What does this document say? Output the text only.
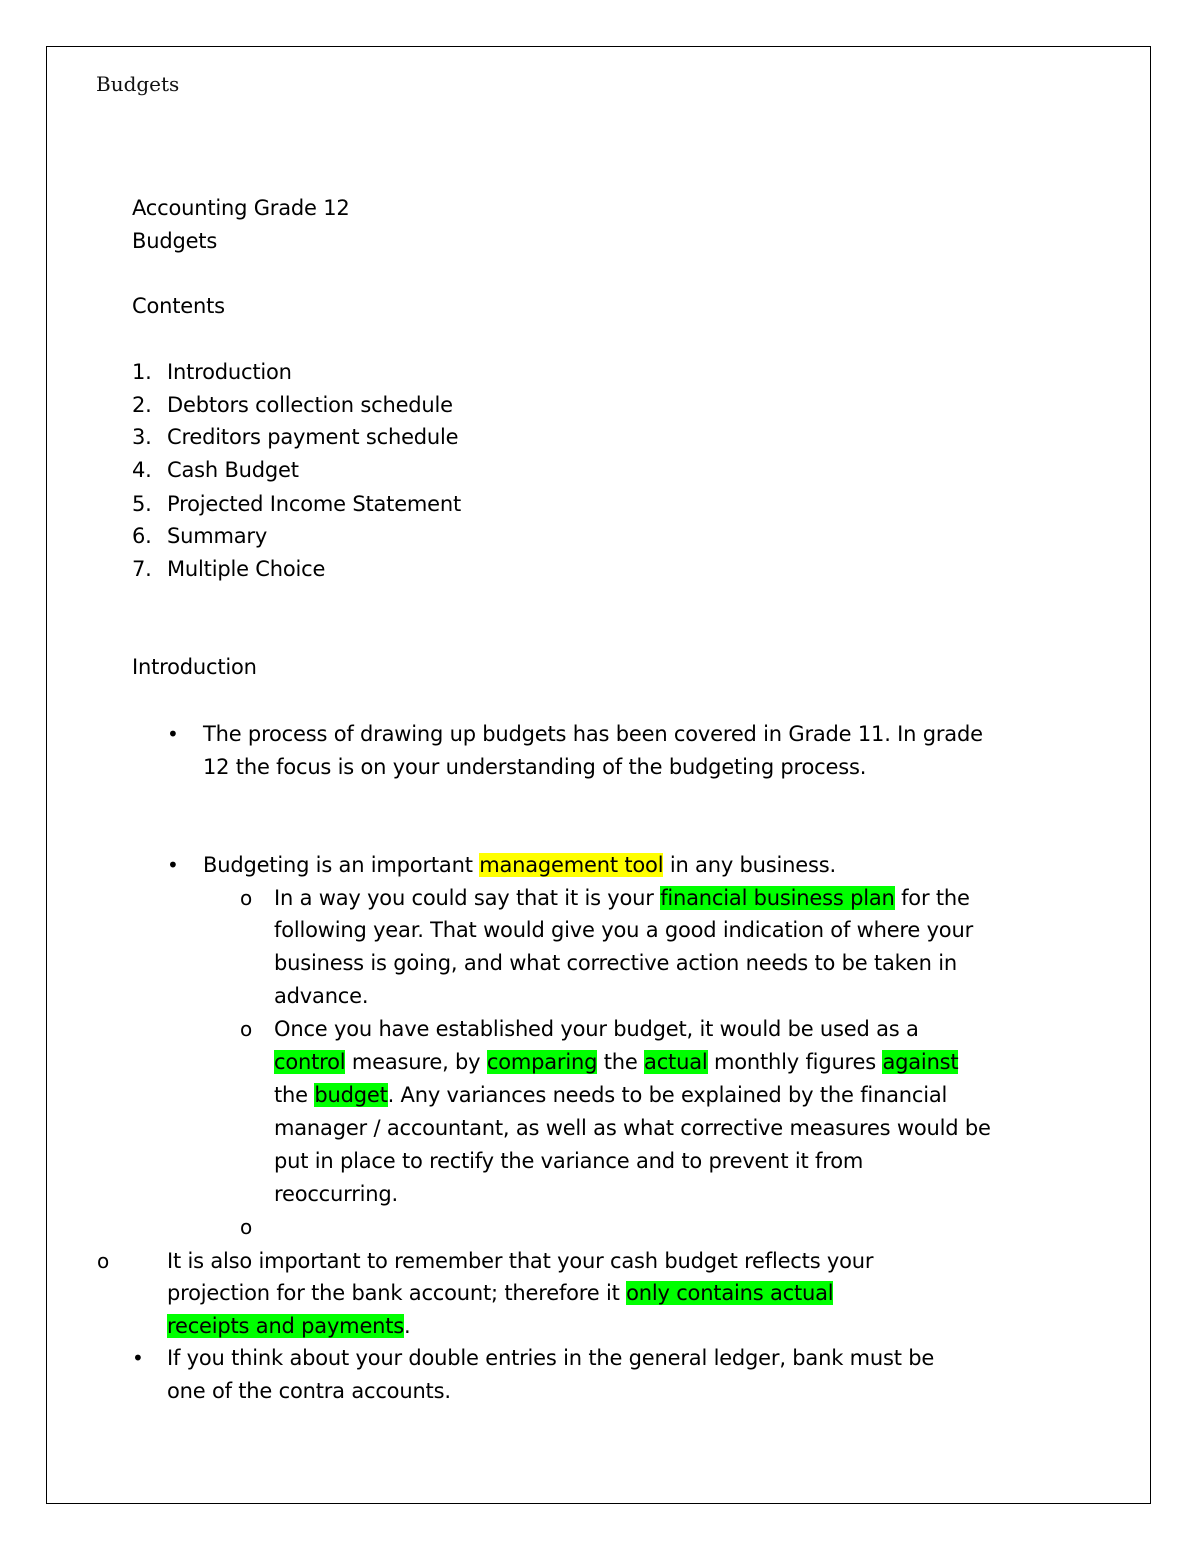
Budgets
Accounting Grade 12
Budgets
Contents
1. Introduction
2. Debtors collection schedule
3. Creditors payment schedule
4. Cash Budget
5. Projected Income Statement
6. Summary
7. Multiple Choice
Introduction
• The process of drawing up budgets has been covered in Grade 11. In grade
12 the focus is on your understanding of the budgeting process.
• Budgeting is an important management tool in any business.
o In a way you could say that it is your financial business plan for the
following year. That would give you a good indication of where your
business is going, and what corrective action needs to be taken in
advance.
o Once you have established your budget, it would be used as a
control measure, by comparing the actual monthly figures against
the budget. Any variances needs to be explained by the financial
manager / accountant, as well as what corrective measures would be
put in place to rectify the variance and to prevent it from
reoccurring.
o
o	It is also important to remember that your cash budget reflects your
projection for the bank account; therefore it only contains actual
receipts and payments.
• If you think about your double entries in the general ledger, bank must be
one of the contra accounts.
